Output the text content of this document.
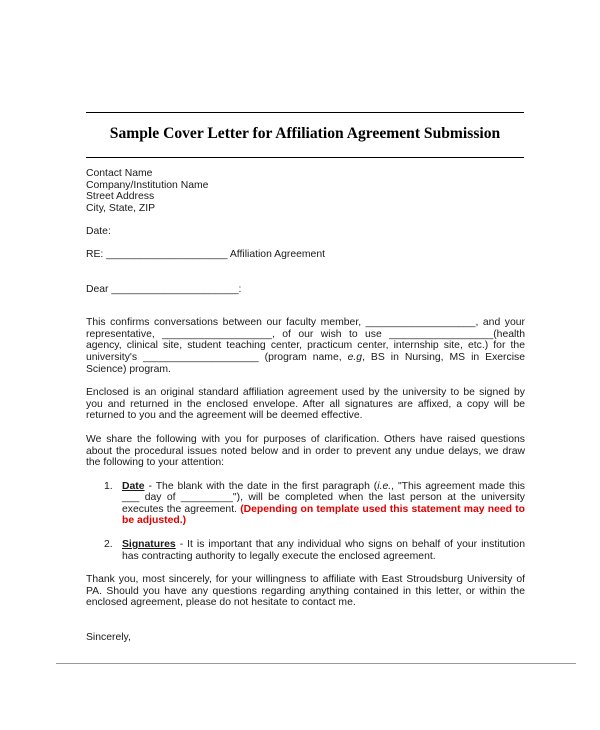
Sample Cover Letter for Affiliation Agreement Submission
Contact Name
Company/Institution Name
Street Address
City, State, ZIP

Date:

RE: _____________________ Affiliation Agreement

Dear ______________________:

This confirms conversations between our faculty member, ___________________, and your representative, ___________________, of our wish to use __________________(health agency, clinical site, student teaching center, practicum center, internship site, etc.) for the university's ____________________ (program name, e.g, BS in Nursing, MS in Exercise Science) program.

Enclosed is an original standard affiliation agreement used by the university to be signed by you and returned in the enclosed envelope. After all signatures are affixed, a copy will be returned to you and the agreement will be deemed effective.

We share the following with you for purposes of clarification. Others have raised questions about the procedural issues noted below and in order to prevent any undue delays, we draw the following to your attention:

1. Date - The blank with the date in the first paragraph (i.e., "This agreement made this ___ day of _________"), will be completed when the last person at the university executes the agreement. (Depending on template used this statement may need to be adjusted.)
2. Signatures - It is important that any individual who signs on behalf of your institution has contracting authority to legally execute the enclosed agreement.

Thank you, most sincerely, for your willingness to affiliate with East Stroudsburg University of PA. Should you have any questions regarding anything contained in this letter, or within the enclosed agreement, please do not hesitate to contact me.

Sincerely,
